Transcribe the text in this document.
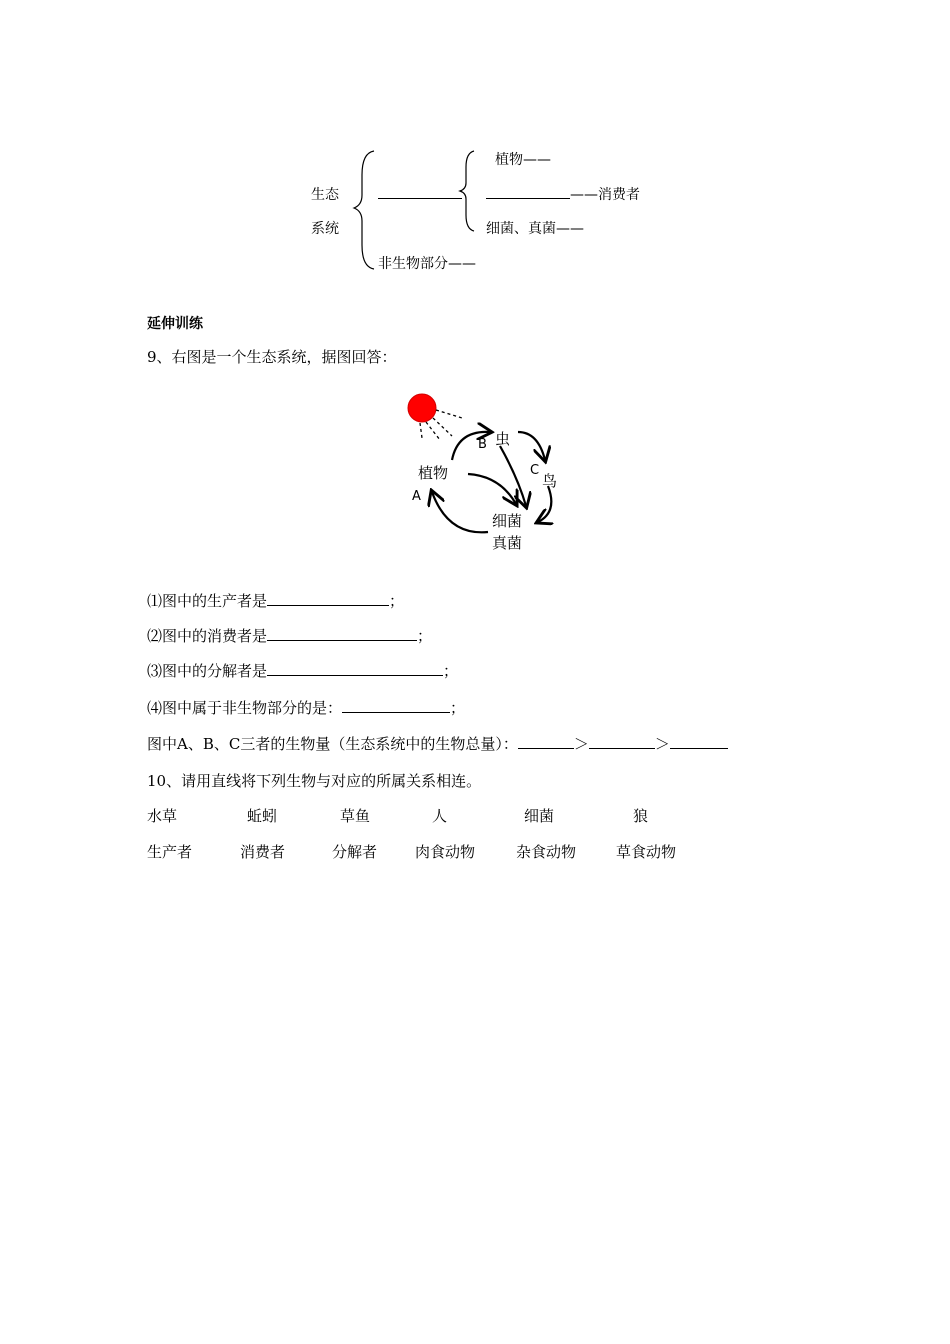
生态
系统
植物——
——消费者
细菌、真菌——
非生物部分——
延伸训练
9、右图是一个生态系统，据图回答：
植物
虫
鸟
细菌
真菌
A
B
C
⑴图中的生产者是	；
⑵图中的消费者是	；
⑶图中的分解者是	；
⑷图中属于非生物部分的是：	；
图中A、B、C三者的生物量（生态系统中的生物总量）：	＞	＞
10、请用直线将下列生物与对应的所属关系相连。
水草	蚯蚓	草鱼	人	细菌	狼
生产者	消费者	分解者	肉食动物	杂食动物	草食动物
